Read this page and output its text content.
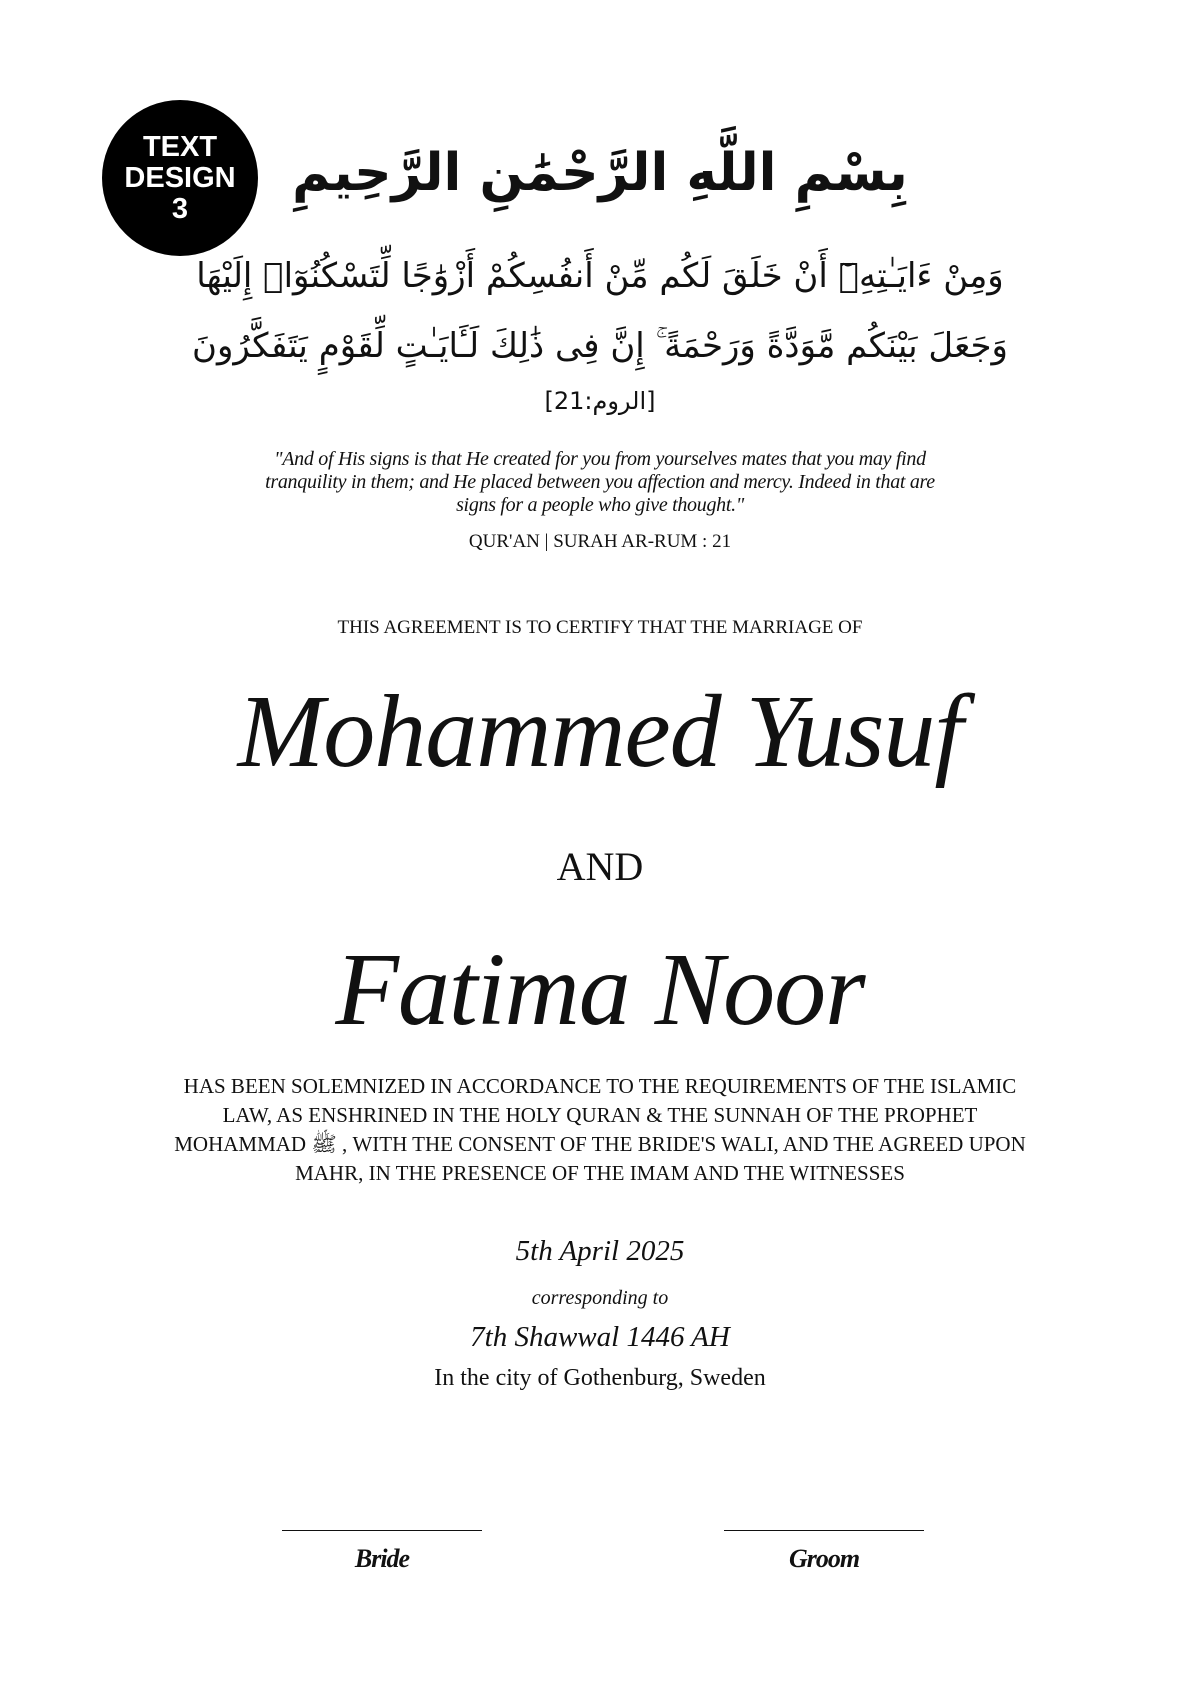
TEXT
DESIGN
3
بِسْمِ اللَّهِ الرَّحْمَٰنِ الرَّحِيمِ
وَمِنْ ءَايَـٰتِهِۦٓ أَنْ خَلَقَ لَكُم مِّنْ أَنفُسِكُمْ أَزْوَٰجًا لِّتَسْكُنُوٓا۟ إِلَيْهَا
وَجَعَلَ بَيْنَكُم مَّوَدَّةً وَرَحْمَةً ۚ إِنَّ فِى ذَٰلِكَ لَـَٔايَـٰتٍ لِّقَوْمٍ يَتَفَكَّرُونَ
[الروم:21]
"And of His signs is that He created for you from yourselves mates that you may find tranquility in them; and He placed between you affection and mercy. Indeed in that are signs for a people who give thought."
QUR'AN | SURAH AR-RUM : 21
THIS AGREEMENT IS TO CERTIFY THAT THE MARRIAGE OF
Mohammed Yusuf
AND
Fatima Noor
HAS BEEN SOLEMNIZED IN ACCORDANCE TO THE REQUIREMENTS OF THE ISLAMIC LAW, AS ENSHRINED IN THE HOLY QURAN & THE SUNNAH OF THE PROPHET MOHAMMAD ﷺ , WITH THE CONSENT OF THE BRIDE'S WALI, AND THE AGREED UPON MAHR, IN THE PRESENCE OF THE IMAM AND THE WITNESSES
5th April 2025
corresponding to
7th Shawwal 1446 AH
In the city of Gothenburg, Sweden
Bride	Groom
